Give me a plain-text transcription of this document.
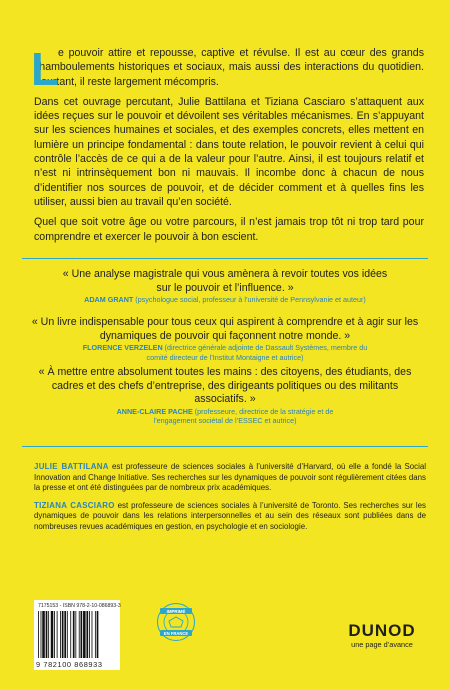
L

e pouvoir attire et repousse, captive et révulse. Il est au cœur des grands chamboulements historiques et sociaux, mais aussi des interactions du quotidien. Pourtant, il reste largement mécompris.

Dans cet ouvrage percutant, Julie Battilana et Tiziana Casciaro s’attaquent aux idées reçues sur le pouvoir et dévoilent ses véritables mécanismes. En s’appuyant sur les sciences humaines et sociales, et des exemples concrets, elles mettent en lumière un principe fondamental : dans toute relation, le pouvoir revient à celui qui contrôle l’accès de ce qui a de la valeur pour l’autre. Ainsi, il est toujours relatif et n’est ni intrinsèquement bon ni mauvais. Il incombe donc à chacun de nous d’identifier nos sources de pouvoir, et de décider comment et à quelles fins les utiliser, aussi bien au travail qu’en société.

Quel que soit votre âge ou votre parcours, il n’est jamais trop tôt ni trop tard pour comprendre et exercer le pouvoir à bon escient.

« Une analyse magistrale qui vous amènera à revoir toutes vos idées sur le pouvoir et l’influence. »
ADAM GRANT (psychologue social, professeur à l’université de Pennsylvanie et auteur)
« Un livre indispensable pour tous ceux qui aspirent à comprendre et à agir sur les dynamiques de pouvoir qui façonnent notre monde. »
FLORENCE VERZELEN (directrice générale adjointe de Dassault Systèmes, membre du comité directeur de l’Institut Montaigne et autrice)
« À mettre entre absolument toutes les mains : des citoyens, des étudiants, des cadres et des chefs d’entreprise, des dirigeants politiques ou des militants associatifs. »
ANNE-CLAIRE PACHE (professeure, directrice de la stratégie et de l’engagement sociétal de l’ESSEC et autrice)

JULIE BATTILANA est professeure de sciences sociales à l’université d’Harvard, où elle a fondé la Social Innovation and Change Initiative. Ses recherches sur les dynamiques de pouvoir sont régulièrement citées dans la presse et ont été distinguées par de nombreux prix académiques.

TIZIANA CASCIARO est professeure de sciences sociales à l’université de Toronto. Ses recherches sur les dynamiques de pouvoir dans les relations interpersonnelles et au sein des réseaux sont publiées dans de nombreuses revues académiques en gestion, en psychologie et en sociologie.

7175153 - ISBN 978-2-10-086893-3
9 782100 868933
IMPRIMÉ
EN FRANCE	DUNOD
une page d’avance
